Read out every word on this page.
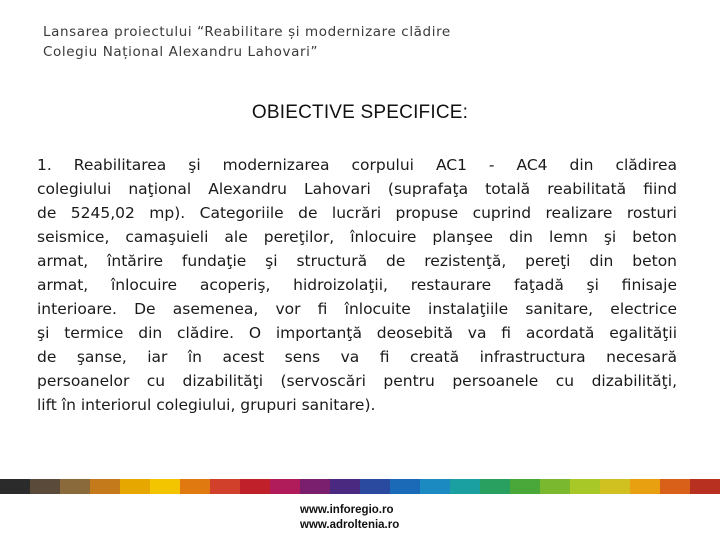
Lansarea proiectului “Reabilitare și modernizare clădire
Colegiu Național Alexandru Lahovari”
OBIECTIVE SPECIFICE:
1. Reabilitarea şi modernizarea corpului AC1 - AC4 din clădirea
colegiului naţional Alexandru Lahovari (suprafaţa totală reabilitată fiind
de 5245,02 mp). Categoriile de lucrări propuse cuprind realizare rosturi
seismice, camaşuieli ale pereţilor, înlocuire planşee din lemn şi beton
armat, întărire fundaţie şi structură de rezistenţă, pereţi din beton
armat, înlocuire acoperiş, hidroizolaţii, restaurare faţadă şi finisaje
interioare. De asemenea, vor fi înlocuite instalaţiile sanitare, electrice
şi termice din clădire. O importanţă deosebită va fi acordată egalităţii
de şanse, iar în acest sens va fi creată infrastructura necesară
persoanelor cu dizabilităţi (servoscări pentru persoanele cu dizabilităţi,
lift în interiorul colegiului, grupuri sanitare).
www.inforegio.ro
www.adroltenia.ro
